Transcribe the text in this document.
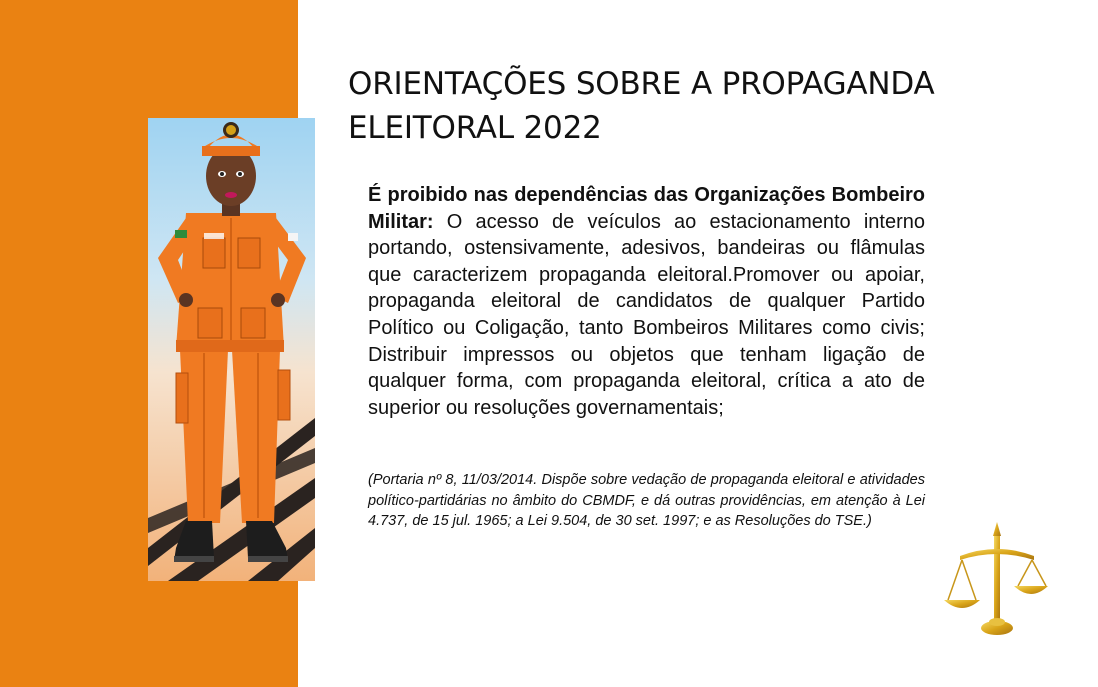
ORIENTAÇÕES SOBRE A PROPAGANDA ELEITORAL 2022

É proibido nas dependências das Organizações Bombeiro Militar: O acesso de veículos ao estacionamento interno portando, ostensivamente, adesivos, bandeiras ou flâmulas que caracterizem propaganda eleitoral.Promover ou apoiar, propaganda eleitoral de candidatos de qualquer Partido Político ou Coligação, tanto Bombeiros Militares como civis; Distribuir impressos ou objetos que tenham ligação de qualquer forma, com propaganda eleitoral, crítica a ato de superior ou resoluções governamentais;

(Portaria nº 8, 11/03/2014. Dispõe sobre vedação de propaganda eleitoral e atividades político-partidárias no âmbito do CBMDF, e dá outras providências, em atenção à Lei 4.737, de 15 jul. 1965; a Lei 9.504, de 30 set. 1997; e as Resoluções do TSE.)
